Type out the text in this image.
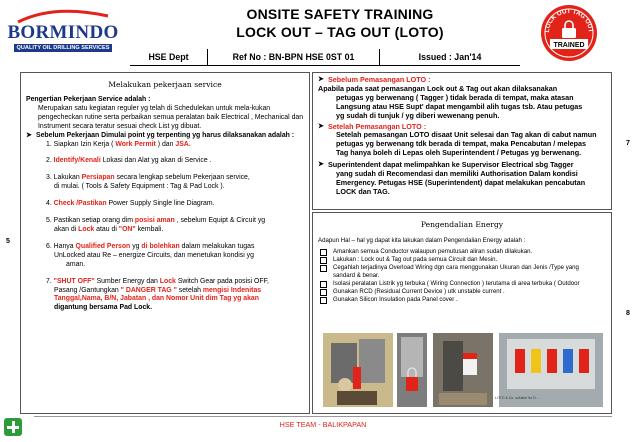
BORMINDO
QUALITY OIL DRILLING SERVICES
ONSITE SAFETY TRAINING
LOCK OUT – TAG OUT (LOTO)
HSE Dept	Ref No : BN-BPN HSE 0ST 01	Issued : Jan'14
LOCK OUT TAG OUT
TRAINED
5
7
8
Melakukan pekerjaan service
Pengertian Pekerjaan Service adalah :
Merupakan satu kegiatan reguler yg telah di Schedulekan untuk mela-kukan pengecheckan rutine serta perbaikan semua peralatan baik Electrical , Mechanical dan Instrument secara teratur sesuai check List yg dibuat.
➤ Sebelum Pekerjaan Dimulai point yg terpenting yg harus dilaksanakan adalah :
1. Siapkan Izin Kerja ( Work Permit ) dan JSA.
2. Identify/Kenali Lokasi dan Alat yg akan di Service .
3. Lakukan Persiapan secara lengkap sebelum Pekerjaan service,
di mulai. ( Tools & Safety Equipment : Tag & Pad Lock ).
4. Check /Pastikan Power Supply Single line Diagram.
5. Pastikan setiap orang dim posisi aman , sebelum Equipt & Circuit yg
akan di Lock atau di "ON" kembali.
6. Hanya Qualified Person yg di bolehkan dalam melakukan tugas
UnLocked atau Re – energize Circuits, dan menetukan kondisi yg
aman.
7. "SHUT OFF" Sumber Energy dan Lock Switch Gear pada posisi OFF,
Pasang /Gantungkan " DANGER TAG " setelah mengisi Indenitas
Tanggal,Nama, B/N, Jabatan , dan Nomor Unit dim Tag yg akan
digantung bersama Pad Lock.
➤ Sebelum Pemasangan LOTO :
Apabila pada saat pemasangan Lock out & Tag out akan dilaksanakan
petugas yg berwenang ( Tagger ) tidak berada di tempat, maka atasan
Langsung atau HSE Supt' dapat mengambil alih tugas tsb. Atau petugas
yg sudah di tunjuk / yg diberi wewenang penuh.
➤ Setelah Pemasangan LOTO :
Setelah pemasangan LOTO disaat Unit selesai dan Tag akan di cabut namun
petugas yg berwenang tdk berada di tempat, maka Pencabutan / melepas
Tag hanya boleh di Lepas oleh Superintendent / Petugas yg berwenang.
➤ Superintendent dapat melimpahkan ke Supervisor Electrical sbg Tagger
yang sudah di Recomendasi dan memiliki Authorisation Dalam kondisi
Emergency. Petugas HSE (Superintendent) dapat melakukan pencabutan
LOCK dan TAG.
Pengendalian Energy
Adapun Hal – hal yg dapat kita lakukan dalam Pengendalian Energy adalah :
Amankan semua Conductor walaupun pemutusan aliran sudah dilakukan.
Lakukan : Lock out & Tag out pada semua Circuit dan Mesin.
Cegahlah terjadinya Overload Wiring dgn cara menggunakan Ukuran dan Jenis /Type yang
sandard & benar.
Isolasi peralatan Listrik yg terbuka ( Wiring Connection ) terutama di area terbuka ( Outdoor
Gunakan RCD (Residual Current Device ) utk unstable current .
Gunakan Silicon Insulation pada Panel cover .
LOTO & Co. solution for D...
HSE TEAM - BALIKPAPAN
